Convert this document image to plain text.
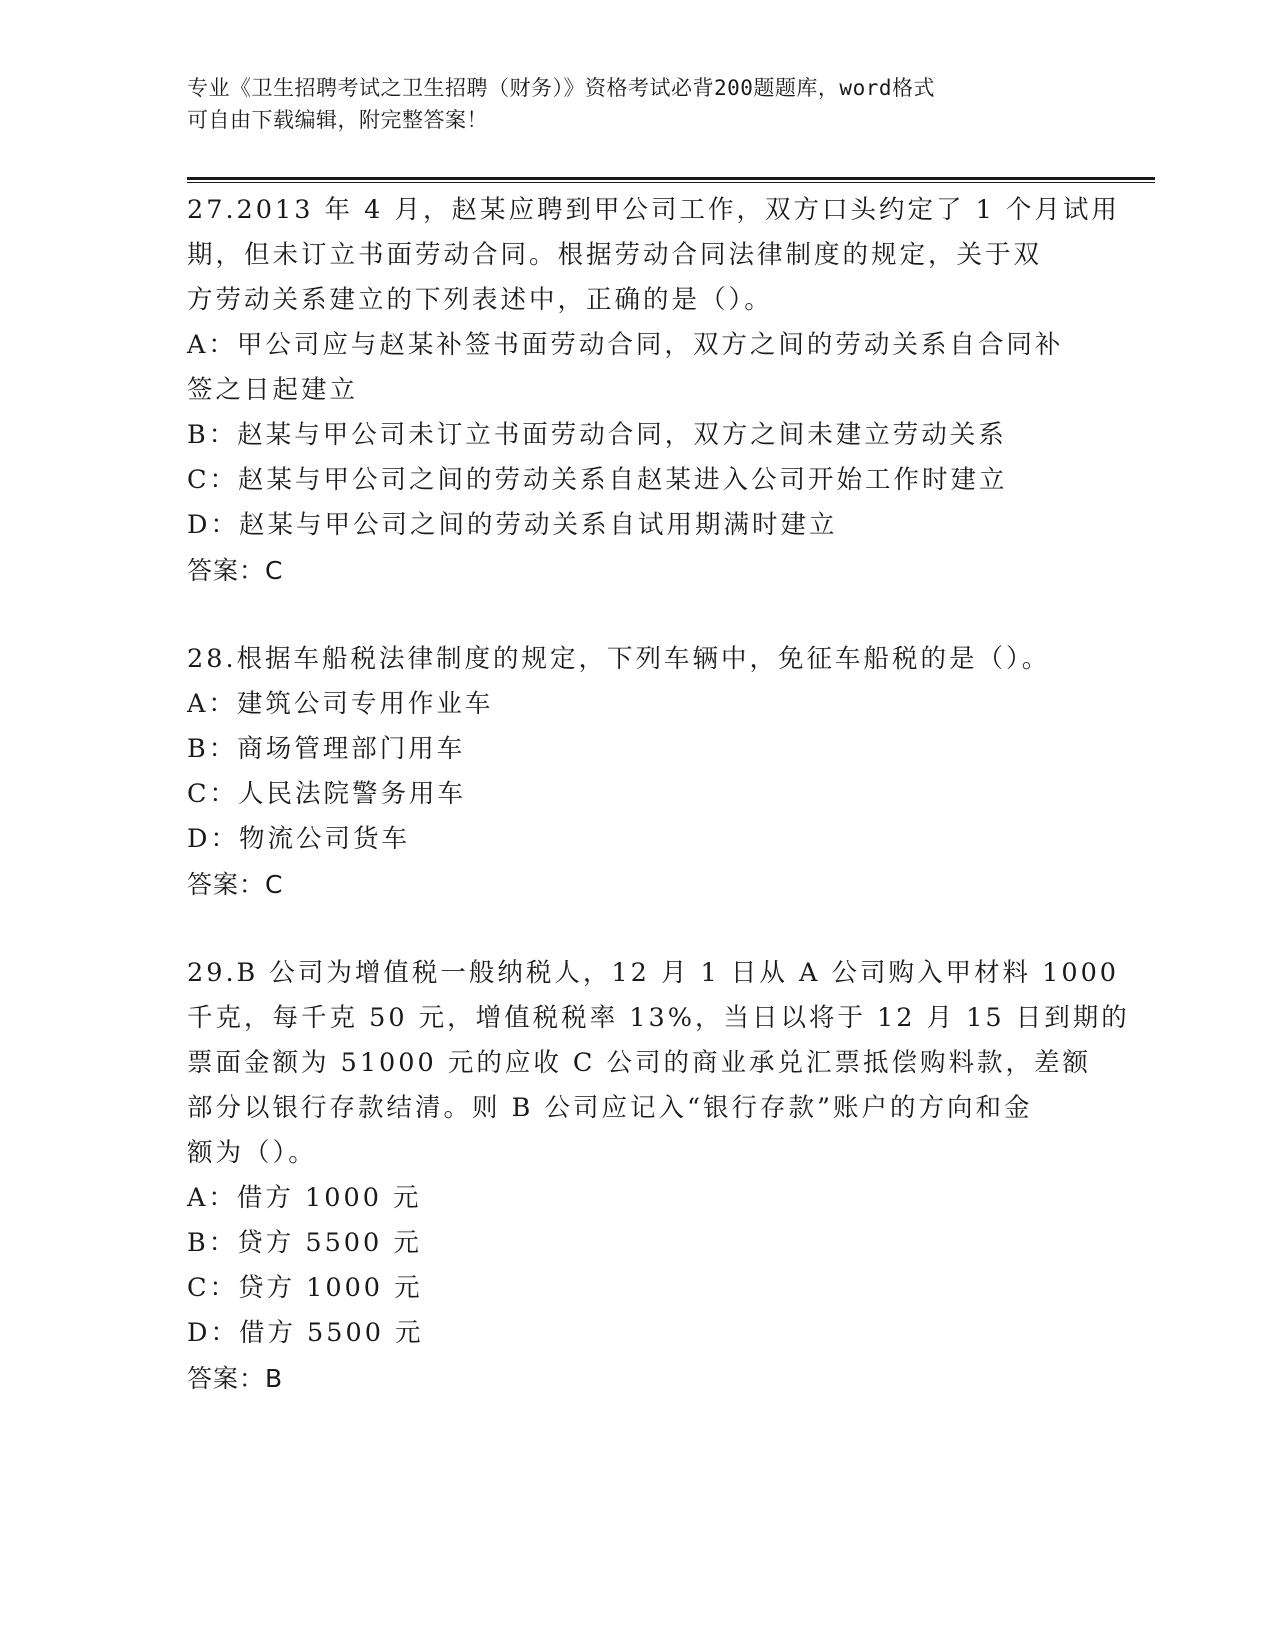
专业《卫生招聘考试之卫生招聘（财务）》资格考试必背200题题库，word格式
可自由下载编辑，附完整答案！
27.2013 年 4 月，赵某应聘到甲公司工作，双方口头约定了 1 个月试用
期，但未订立书面劳动合同。根据劳动合同法律制度的规定，关于双
方劳动关系建立的下列表述中，正确的是（）。
A：甲公司应与赵某补签书面劳动合同，双方之间的劳动关系自合同补
签之日起建立
B：赵某与甲公司未订立书面劳动合同，双方之间未建立劳动关系
C：赵某与甲公司之间的劳动关系自赵某进入公司开始工作时建立
D：赵某与甲公司之间的劳动关系自试用期满时建立
答案：C
28.根据车船税法律制度的规定，下列车辆中，免征车船税的是（）。
A：建筑公司专用作业车
B：商场管理部门用车
C：人民法院警务用车
D：物流公司货车
答案：C
29.B 公司为增值税一般纳税人，12 月 1 日从 A 公司购入甲材料 1000
千克，每千克 50 元，增值税税率 13%，当日以将于 12 月 15 日到期的
票面金额为 51000 元的应收 C 公司的商业承兑汇票抵偿购料款，差额
部分以银行存款结清。则 B 公司应记入“银行存款”账户的方向和金
额为（）。
A：借方 1000 元
B：贷方 5500 元
C：贷方 1000 元
D：借方 5500 元
答案：B
